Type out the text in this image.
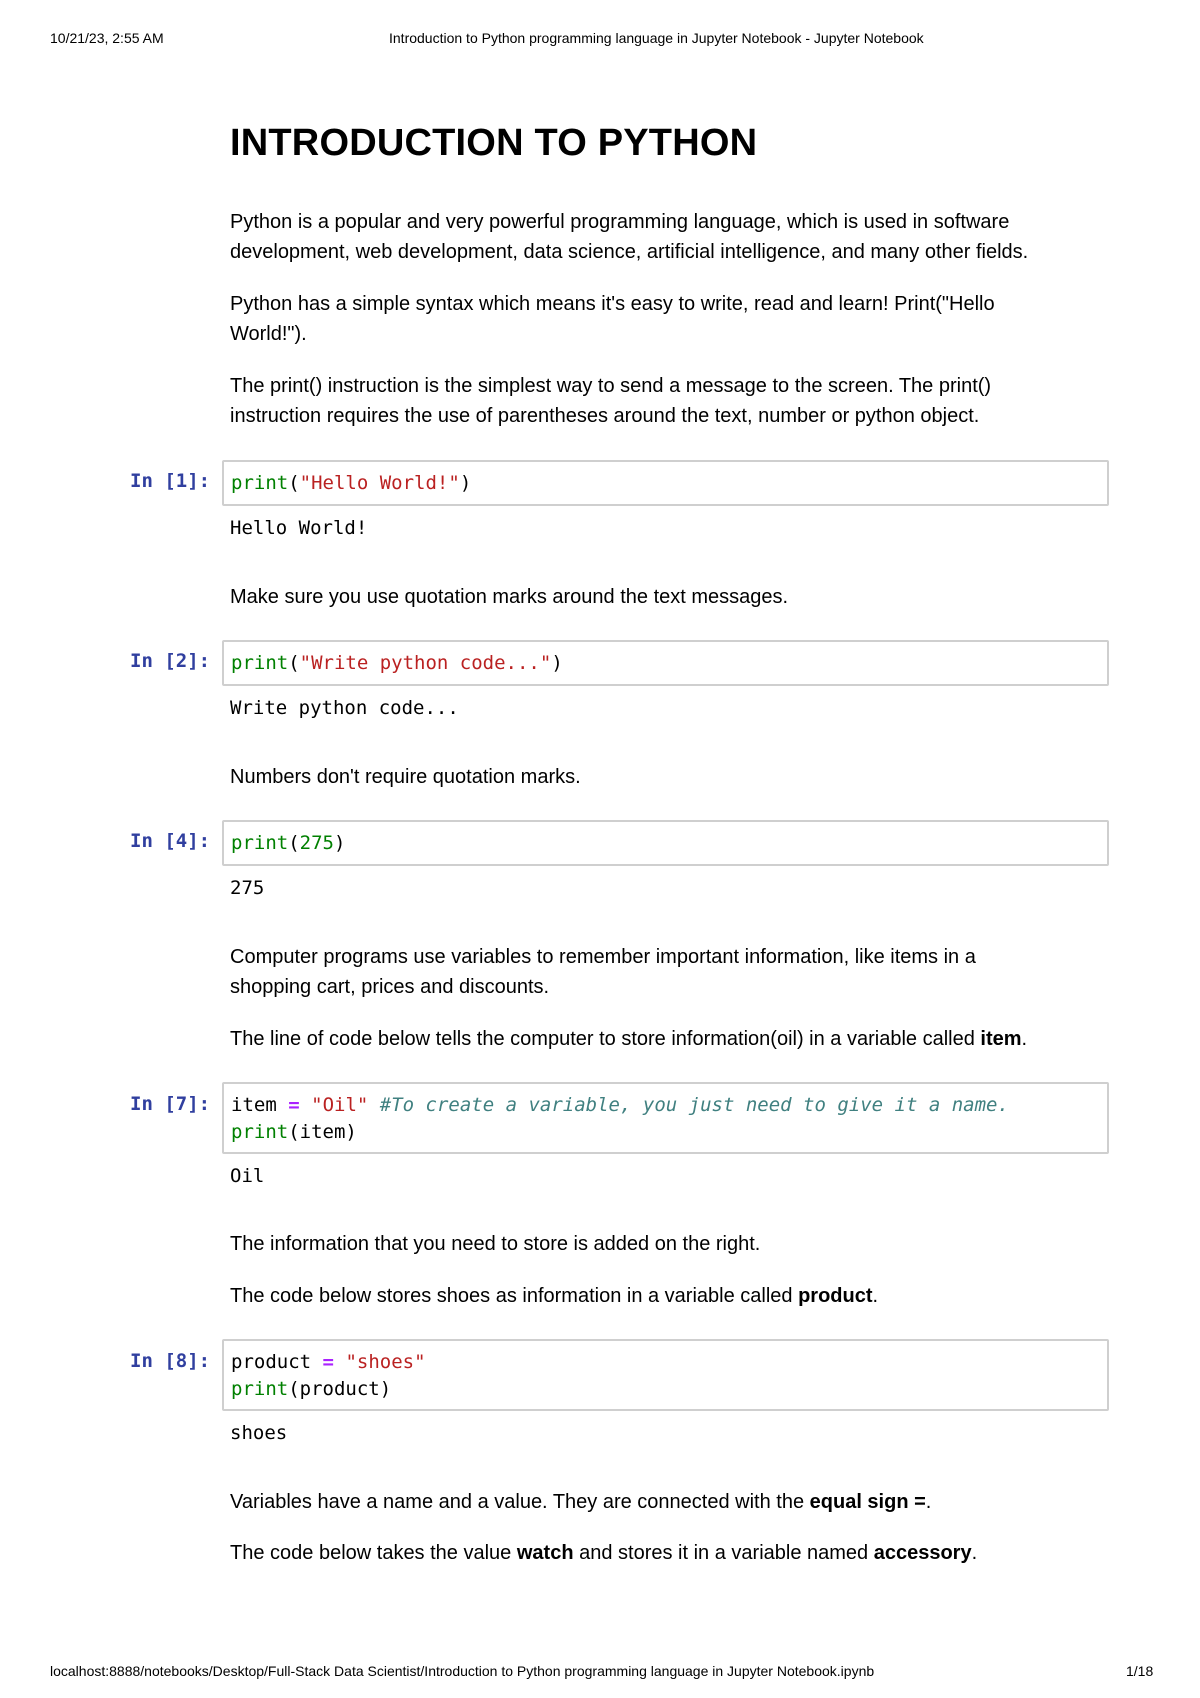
10/21/23, 2:55 AM	Introduction to Python programming language in Jupyter Notebook - Jupyter Notebook
INTRODUCTION TO PYTHON

Python is a popular and very powerful programming language, which is used in software

development, web development, data science, artificial intelligence, and many other fields.

Python has a simple syntax which means it's easy to write, read and learn! Print("Hello

World!").

The print() instruction is the simplest way to send a message to the screen. The print()

instruction requires the use of parentheses around the text, number or python object.

In [1]: print("Hello World!")
Hello World!

Make sure you use quotation marks around the text messages.

In [2]: print("Write python code...")
Write python code...

Numbers don't require quotation marks.

In [4]: print(275)
275

Computer programs use variables to remember important information, like items in a

shopping cart, prices and discounts.

The line of code below tells the computer to store information(oil) in a variable called item.

In [7]: item = "Oil" #To create a variable, you just need to give it a name.
print(item)
Oil

The information that you need to store is added on the right.

The code below stores shoes as information in a variable called product.

In [8]: product = "shoes"
print(product)
shoes

Variables have a name and a value. They are connected with the equal sign =.

The code below takes the value watch and stores it in a variable named accessory.

localhost:8888/notebooks/Desktop/Full-Stack Data Scientist/Introduction to Python programming language in Jupyter Notebook.ipynb	1/18
